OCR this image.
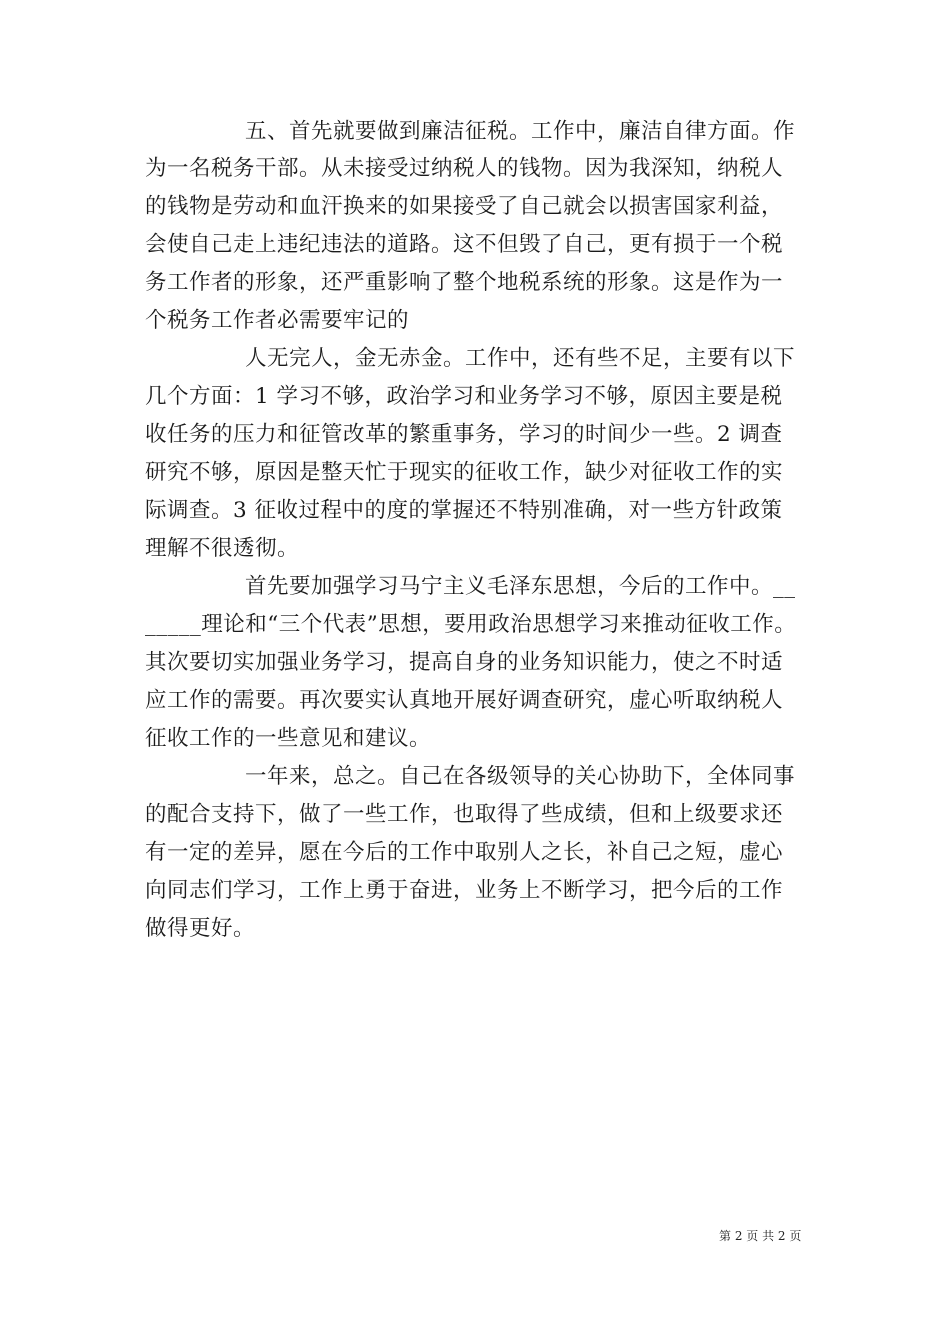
五、首先就要做到廉洁征税。工作中，廉洁自律方面。作
为一名税务干部。从未接受过纳税人的钱物。因为我深知，纳税人
的钱物是劳动和血汗换来的如果接受了自己就会以损害国家利益，
会使自己走上违纪违法的道路。这不但毁了自己，更有损于一个税
务工作者的形象，还严重影响了整个地税系统的形象。这是作为一
个税务工作者必需要牢记的
人无完人，金无赤金。工作中，还有些不足，主要有以下
几个方面：1 学习不够，政治学习和业务学习不够，原因主要是税
收任务的压力和征管改革的繁重事务，学习的时间少一些。2 调查
研究不够，原因是整天忙于现实的征收工作，缺少对征收工作的实
际调查。3 征收过程中的度的掌握还不特别准确，对一些方针政策
理解不很透彻。
首先要加强学习马宁主义毛泽东思想，今后的工作中。__
_____理论和“三个代表”思想，要用政治思想学习来推动征收工作。
其次要切实加强业务学习，提高自身的业务知识能力，使之不时适
应工作的需要。再次要实认真地开展好调查研究，虚心听取纳税人
征收工作的一些意见和建议。
一年来，总之。自己在各级领导的关心协助下，全体同事
的配合支持下，做了一些工作，也取得了些成绩，但和上级要求还
有一定的差异，愿在今后的工作中取别人之长，补自己之短，虚心
向同志们学习，工作上勇于奋进，业务上不断学习，把今后的工作
做得更好。
第 2 页 共 2 页
